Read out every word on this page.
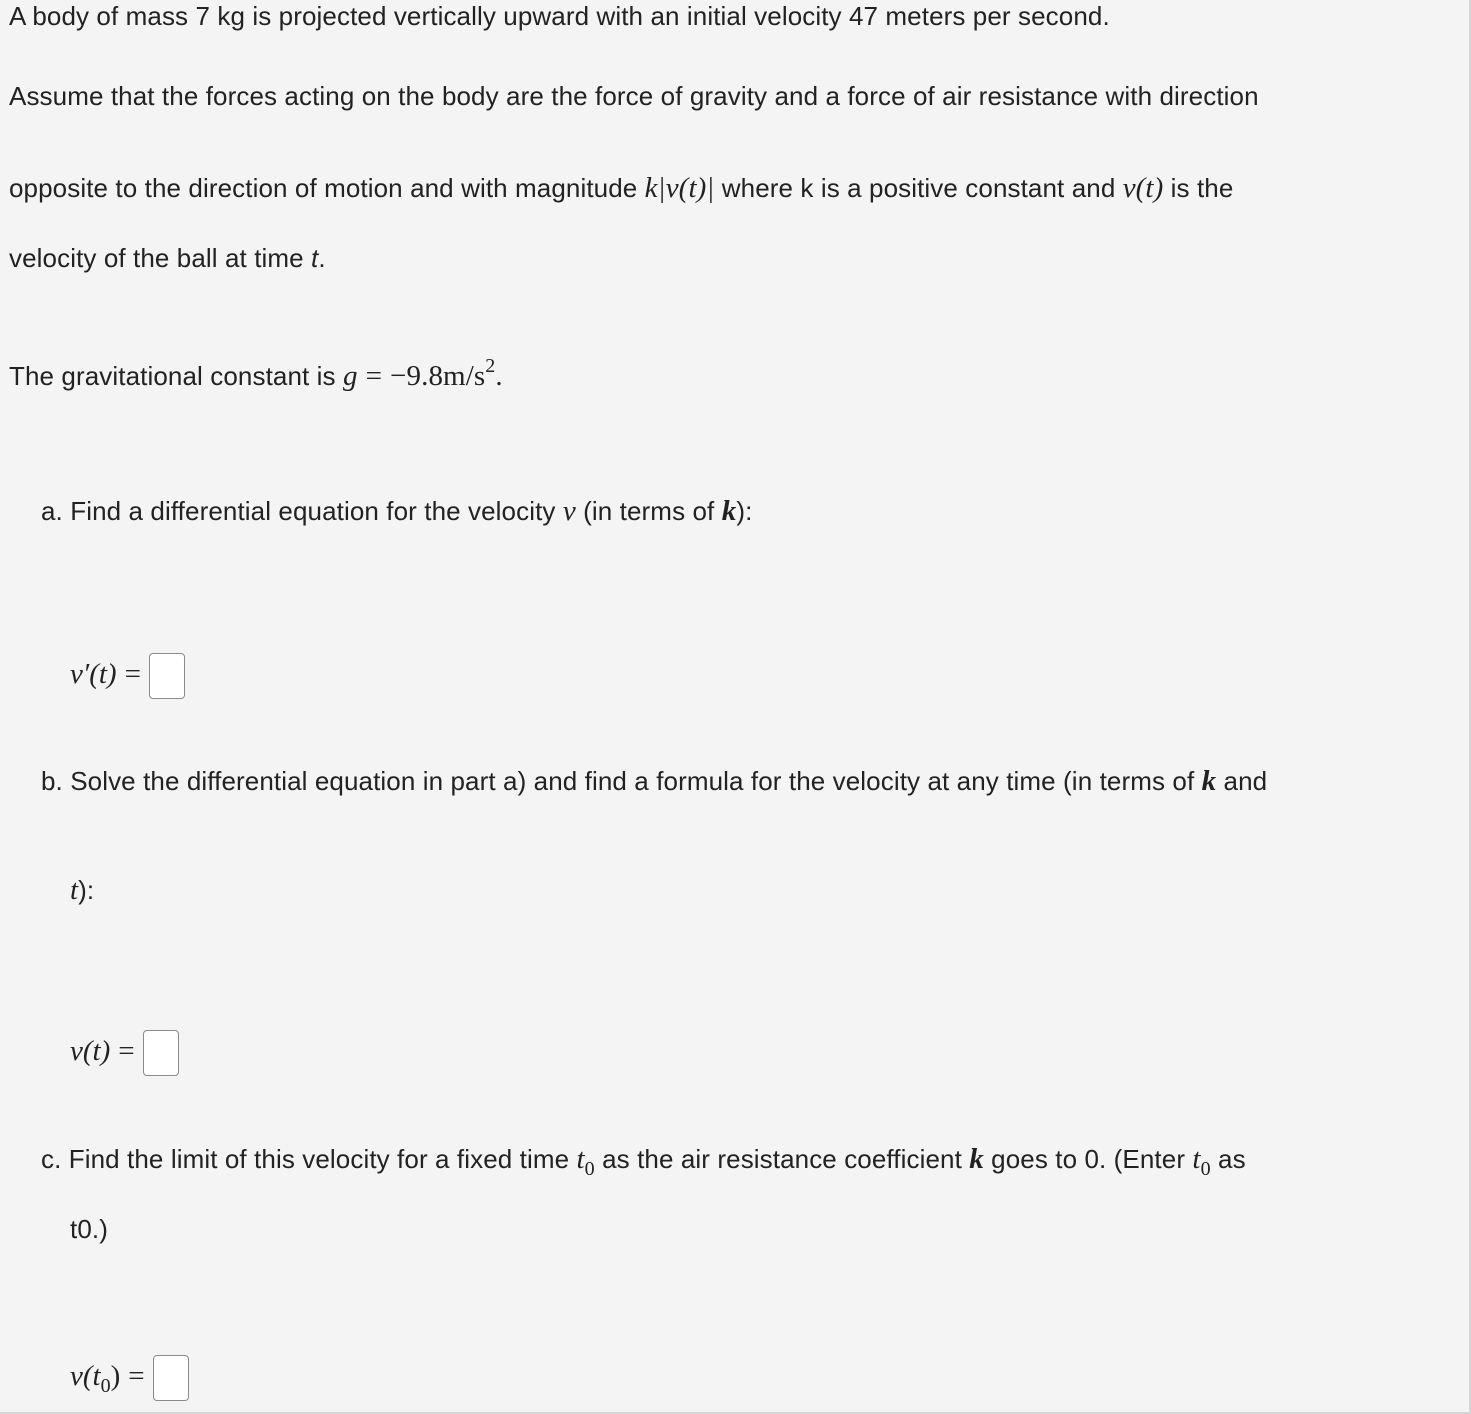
A body of mass 7 kg is projected vertically upward with an initial velocity 47 meters per second.
Assume that the forces acting on the body are the force of gravity and a force of air resistance with direction
opposite to the direction of motion and with magnitude k|v(t)| where k is a positive constant and v(t) is the
velocity of the ball at time t.
The gravitational constant is $g = -9.8m/s^2$.
a. Find a differential equation for the velocity v (in terms of k):
v′(t) =
b. Solve the differential equation in part a) and find a formula for the velocity at any time (in terms of k and
t):
v(t) =
c. Find the limit of this velocity for a fixed time $t_0$ as the air resistance coefficient k goes to 0. (Enter $t_0$ as
t0.)
v(t0) =
